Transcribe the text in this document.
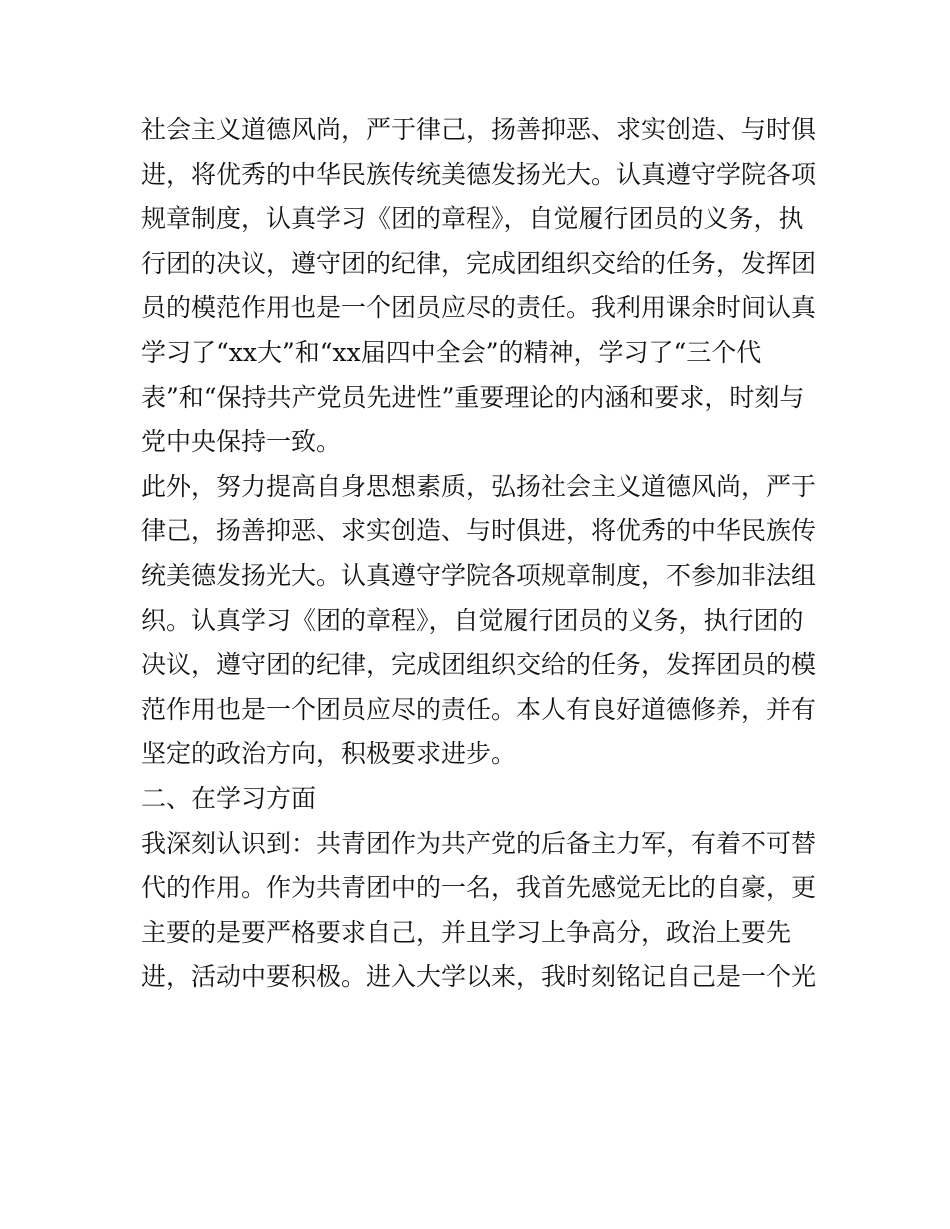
社会主义道德风尚，严于律己，扬善抑恶、求实创造、与时俱
进，将优秀的中华民族传统美德发扬光大。认真遵守学院各项
规章制度，认真学习《团的章程》，自觉履行团员的义务，执
行团的决议，遵守团的纪律，完成团组织交给的任务，发挥团
员的模范作用也是一个团员应尽的责任。我利用课余时间认真
学习了“xx大”和“xx届四中全会”的精神，学习了“三个代
表”和“保持共产党员先进性”重要理论的内涵和要求，时刻与
党中央保持一致。
此外，努力提高自身思想素质，弘扬社会主义道德风尚，严于
律己，扬善抑恶、求实创造、与时俱进，将优秀的中华民族传
统美德发扬光大。认真遵守学院各项规章制度，不参加非法组
织。认真学习《团的章程》，自觉履行团员的义务，执行团的
决议，遵守团的纪律，完成团组织交给的任务，发挥团员的模
范作用也是一个团员应尽的责任。本人有良好道德修养，并有
坚定的政治方向，积极要求进步。
二、在学习方面
我深刻认识到：共青团作为共产党的后备主力军，有着不可替
代的作用。作为共青团中的一名，我首先感觉无比的自豪，更
主要的是要严格要求自己，并且学习上争高分，政治上要先
进，活动中要积极。进入大学以来，我时刻铭记自己是一个光
